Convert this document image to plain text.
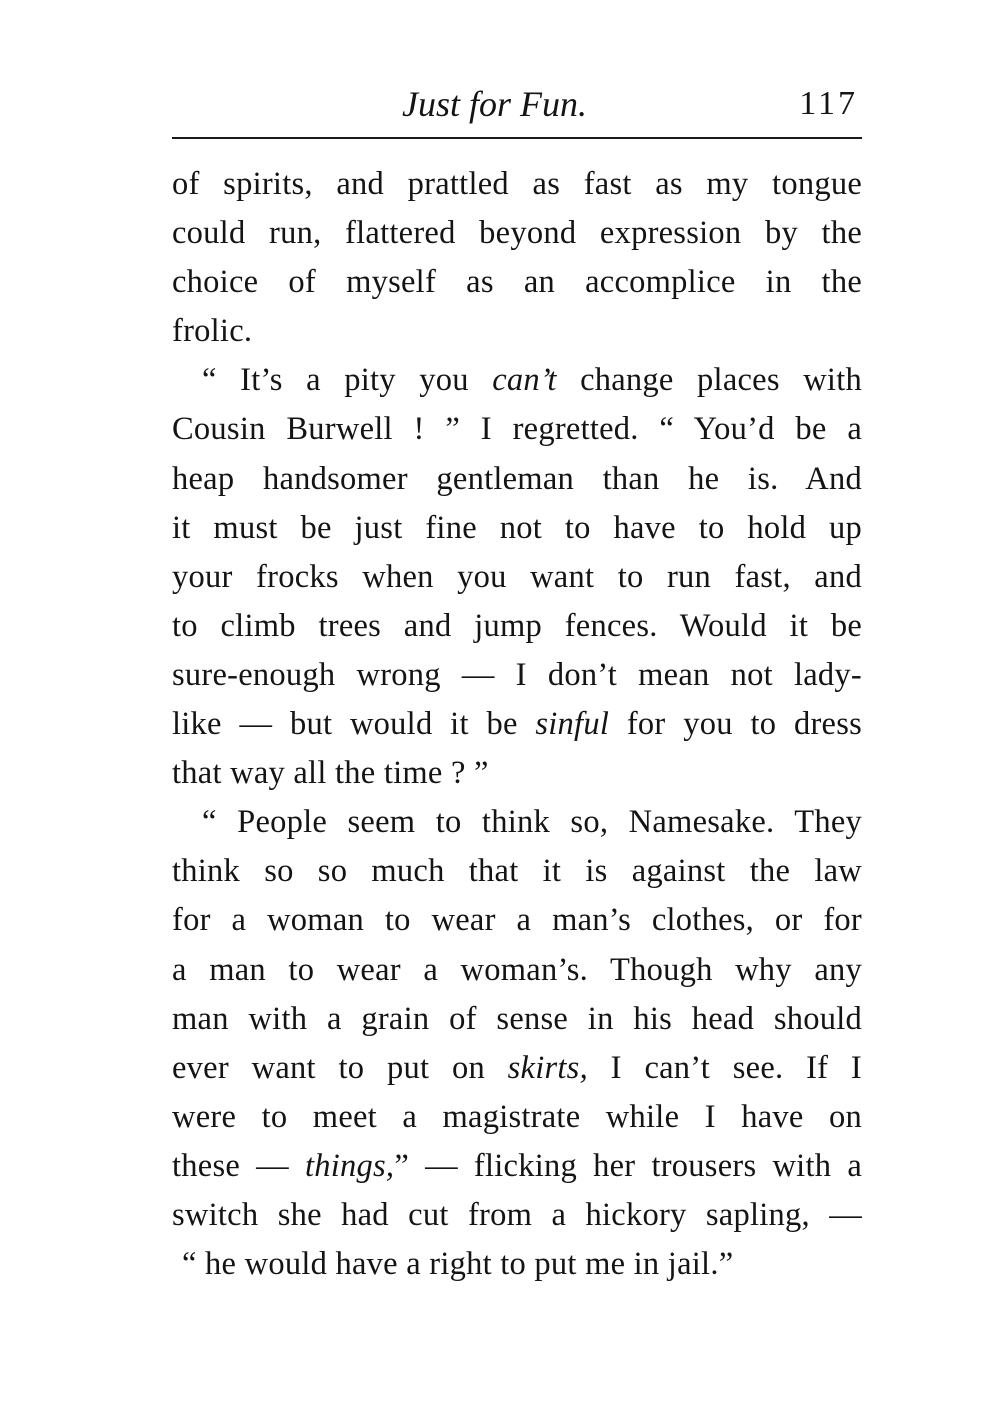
Just for Fun.	117

of spirits, and prattled as fast as my tongue
could run, flattered beyond expression by the
choice of myself as an accomplice in the
frolic.

“ It’s a pity you can’t change places with
Cousin Burwell ! ” I regretted. “ You’d be a
heap handsomer gentleman than he is. And
it must be just fine not to have to hold up
your frocks when you want to run fast, and
to climb trees and jump fences. Would it be
sure-enough wrong — I don’t mean not lady-
like — but would it be sinful for you to dress
that way all the time ? ”

“ People seem to think so, Namesake. They
think so so much that it is against the law
for a woman to wear a man’s clothes, or for
a man to wear a woman’s. Though why any
man with a grain of sense in his head should
ever want to put on skirts, I can’t see. If I
were to meet a magistrate while I have on
these — things,” — flicking her trousers with a
switch she had cut from a hickory sapling, —
“ he would have a right to put me in jail.”
